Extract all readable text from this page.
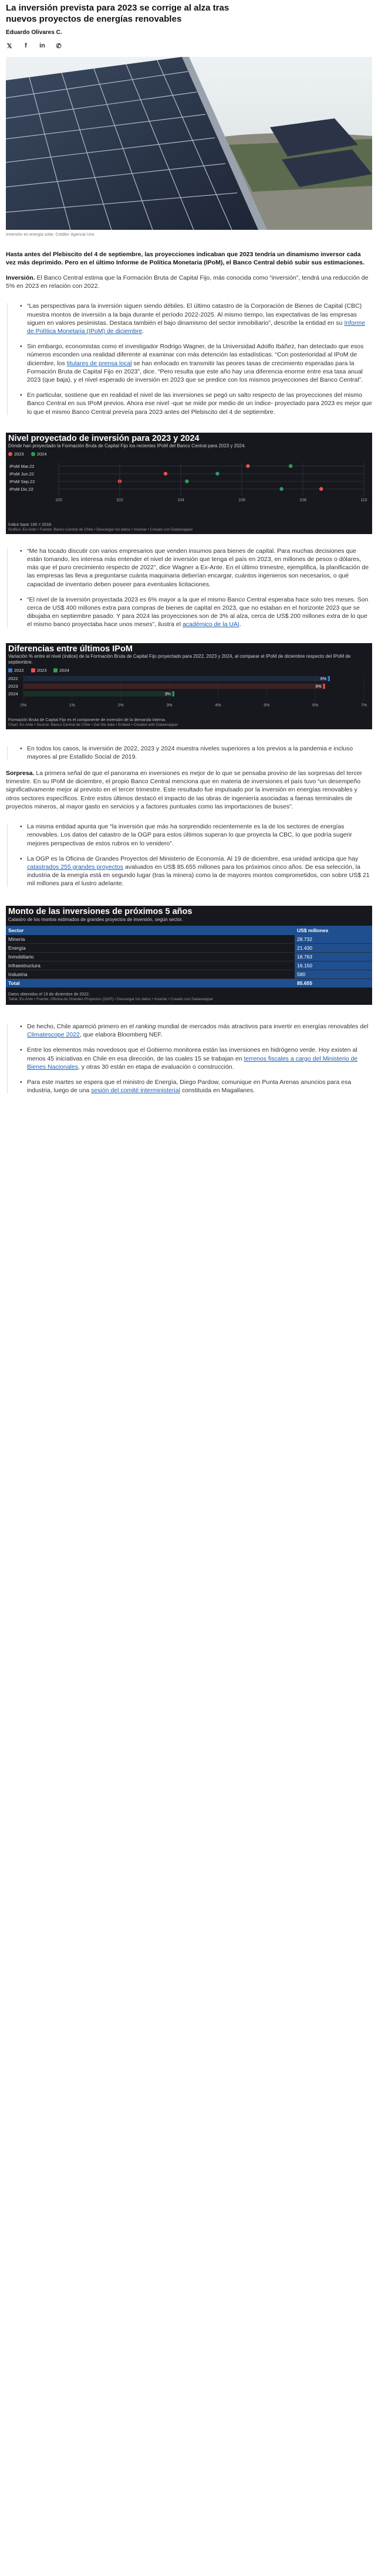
La inversión prevista para 2023 se corrige al alza tras nuevos proyectos de energías renovables
Eduardo Olivares C.
𝕏	f	in ✆
Inversión en energía solar. Crédito: Agencia Uno

Hasta antes del Plebiscito del 4 de septiembre, las proyecciones indicaban que 2023 tendría un dinamismo inversor cada vez más deprimido. Pero en el último Informe de Política Monetaria (IPoM), el Banco Central debió subir sus estimaciones.

Inversión. El Banco Central estima que la Formación Bruta de Capital Fijo, más conocida como “inversión”, tendrá una reducción de 5% en 2023 en relación con 2022.

• “Las perspectivas para la inversión siguen siendo débiles. El último catastro de la Corporación de Bienes de Capital (CBC) muestra montos de inversión a la baja durante el período 2022-2025. Al mismo tiempo, las expectativas de las empresas siguen en valores pesimistas. Destaca también el bajo dinamismo del sector inmobiliario”, describe la entidad en su Informe de Política Monetaria (IPoM) de diciembre.
• Sin embargo, economistas como el investigador Rodrigo Wagner, de la Universidad Adolfo Ibáñez, han detectado que esos números esconden una realidad diferente al examinar con más detención las estadísticas. “Con posterioridad al IPoM de diciembre, los titulares de prensa local se han enfocado en transmitir las peores tasas de crecimiento esperadas para la Formación Bruta de Capital Fijo en 2023”, dice. “Pero resulta que este año hay una diferencia enorme entre esa tasa anual 2023 (que baja), y el nivel esperado de inversión en 2023 que se predice con los mismos proyecciones del Banco Central”.
• En particular, sostiene que en realidad el nivel de las inversiones se pegó un salto respecto de las proyecciones del mismo Banco Central en sus IPoM previos. Ahora ese nivel -que se mide por medio de un índice- proyectado para 2023 es mejor que lo que el mismo Banco Central preveía para 2023 antes del Plebiscito del 4 de septiembre.
Nivel proyectado de inversión para 2023 y 2024
Dónde han proyectado la Formación Bruta de Capital Fijo los recientes IPoM del Banco Central para 2023 y 2024.
2023	2024
IPoM Mar.22
IPoM Jun.22
IPoM Sep.22
IPoM Dic.22
100	102	104	106	108	110
Índice base 100 = 2018
Gráfico: Ex-Ante • Fuente: Banco Central de Chile • Descargar los datos • Insertar • Creado con Datawrapper
• “Me ha tocado discutir con varios empresarios que venden insumos para bienes de capital. Para muchas decisiones que están tomando, les interesa más entender el nivel de inversión que tenga el país en 2023, en millones de pesos o dólares, más que el puro crecimiento respecto de 2022”, dice Wagner a Ex-Ante. En el último trimestre, ejemplifica, la planificación de las empresas las lleva a preguntarse cuánta maquinaria deberían encargar, cuántos ingenieros son necesarios, o qué capacidad de inventario deben poseer para eventuales licitaciones.
• “El nivel de la inversión proyectada 2023 es 6% mayor a la que el mismo Banco Central esperaba hace solo tres meses. Son cerca de US$ 400 millones extra para compras de bienes de capital en 2023, que no estaban en el horizonte 2023 que se dibujaba en septiembre pasado. Y para 2024 las proyecciones son de 3% al alza, cerca de US$ 200 millones extra de lo que el mismo banco proyectaba hace unos meses”, ilustra el académico de la UAI.
Diferencias entre últimos IPoM
Variación % entre el nivel (índice) de la Formación Bruta de Capital Fijo proyectado para 2022, 2023 y 2024, al comparar el IPoM de diciembre respecto del IPoM de septiembre.
2022	2023	2024
2022	6%
2023	6%
2024	3%
0%	1%	2%	3%	4%	5%	6%	7%
Formación Bruta de Capital Fijo es el componente de inversión de la demanda interna.
Chart: Ex-Ante • Source: Banco Central de Chile • Get the data • Embed • Created with Datawrapper
• En todos los casos, la inversión de 2022, 2023 y 2024 muestra niveles superiores a los previos a la pandemia e incluso mayores al pre Estallido Social de 2019.

Sorpresa. La primera señal de que el panorama en inversiones es mejor de lo que se pensaba provino de las sorpresas del tercer trimestre. En su IPoM de diciembre, el propio Banco Central menciona que en materia de inversiones el país tuvo “un desempeño significativamente mejor al previsto en el tercer trimestre. Este resultado fue impulsado por la inversión en energías renovables y otros sectores específicos. Entre estos últimos destacó el impacto de las obras de ingeniería asociadas a faenas terminales de proyectos mineros, al mayor gasto en servicios y a factores puntuales como las importaciones de buses”.

• La misma entidad apunta que “la inversión que más ha sorprendido recientemente es la de los sectores de energías renovables. Los datos del catastro de la OGP para estos últimos superan lo que proyecta la CBC, lo que podría sugerir mejores perspectivas de estos rubros en lo venidero”.
• La OGP es la Oficina de Grandes Proyectos del Ministerio de Economía. Al 19 de diciembre, esa unidad anticipa que hay catastrados 255 grandes proyectos avaluados en US$ 85.655 millones para los próximos cinco años. De esa selección, la industria de la energía está en segundo lugar (tras la minera) como la de mayores montos comprometidos, con sobre US$ 21 mil millones para el lustro adelante.
Monto de las inversiones de próximos 5 años
Catastro de los montos estimados de grandes proyectos de inversión, según sector.
Sector	US$ millones
Minería	28.732
Energía	21.430
Inmobiliario	18.763
Infraestructura	16.150
Industria	580
Total	85.655
Datos obtenidos el 19 de diciembre de 2022.
Tabla: Ex-Ante • Fuente: Oficina de Grandes Proyectos (OGP) • Descargar los datos • Insertar • Creado con Datawrapper
• De hecho, Chile apareció primero en el ranking mundial de mercados más atractivos para invertir en energías renovables del Climatescope 2022, que elabora Bloomberg NEF.
• Entre los elementos más novedosos que el Gobierno monitorea están las inversiones en hidrógeno verde. Hoy existen al menos 45 iniciativas en Chile en esa dirección, de las cuales 15 se trabajan en terrenos fiscales a cargo del Ministerio de Bienes Nacionales, y otras 30 están en etapa de evaluación o construcción.
• Para este martes se espera que el ministro de Energía, Diego Pardow, comunique en Punta Arenas anuncios para esa industria, luego de una sesión del comité interministerial constituida en Magallanes.
